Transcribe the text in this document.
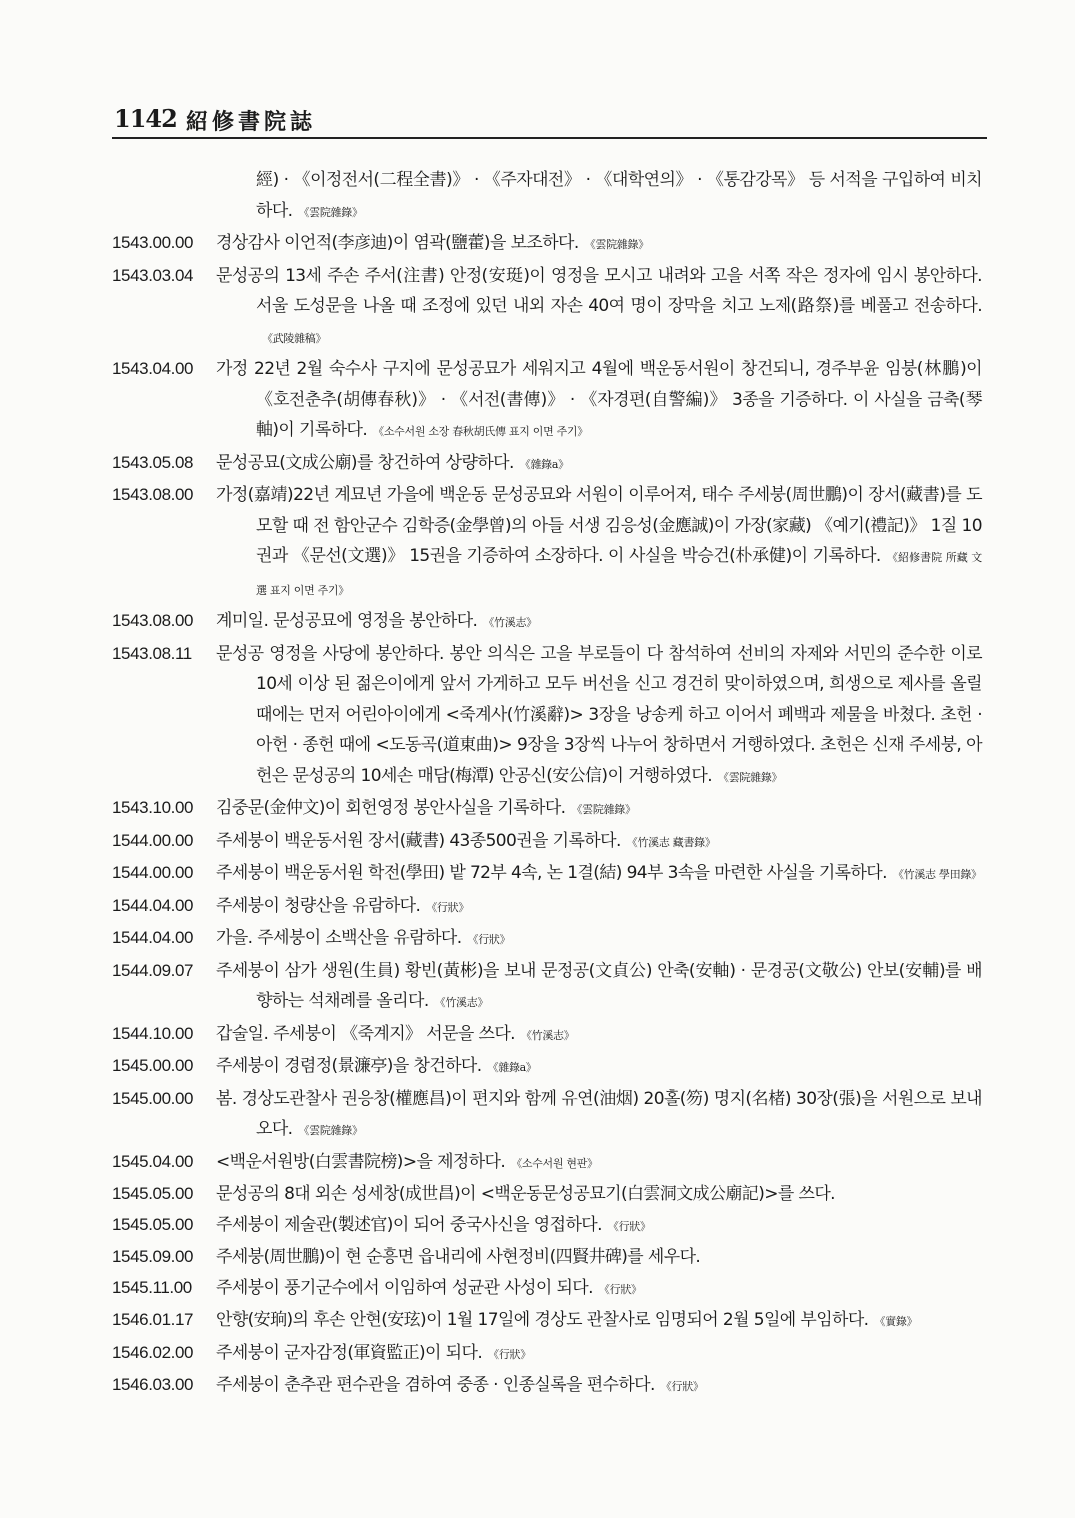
1142 紹修書院誌
經) · 《이정전서(二程全書)》 · 《주자대전》 · 《대학연의》 · 《통감강목》 등 서적을 구입하여 비치하다. 《雲院雜錄》
1543.00.00	경상감사 이언적(李彦迪)이 염곽(鹽藿)을 보조하다. 《雲院雜錄》
1543.03.04	문성공의 13세 주손 주서(注書) 안정(安珽)이 영정을 모시고 내려와 고을 서쪽 작은 정자에 임시 봉안하다. 서울 도성문을 나올 때 조정에 있던 내외 자손 40여 명이 장막을 치고 노제(路祭)를 베풀고 전송하다.《武陵雜稿》
1543.04.00	가정 22년 2월 숙수사 구지에 문성공묘가 세워지고 4월에 백운동서원이 창건되니, 경주부윤 임붕(林鵬)이 《호전춘추(胡傳春秋)》 · 《서전(書傳)》 · 《자경편(自警編)》 3종을 기증하다. 이 사실을 금축(琴軸)이 기록하다. 《소수서원 소장 春秋胡氏傳 표지 이면 주기》
1543.05.08	문성공묘(文成公廟)를 창건하여 상량하다. 《雜錄a》
1543.08.00	가정(嘉靖)22년 계묘년 가을에 백운동 문성공묘와 서원이 이루어져, 태수 주세붕(周世鵬)이 장서(藏書)를 도모할 때 전 함안군수 김학증(金學曾)의 아들 서생 김응성(金應誠)이 가장(家藏) 《예기(禮記)》 1질 10권과 《문선(文選)》 15권을 기증하여 소장하다. 이 사실을 박승건(朴承健)이 기록하다. 《紹修書院 所藏 文選 표지 이면 주기》
1543.08.00	계미일. 문성공묘에 영정을 봉안하다. 《竹溪志》
1543.08.11	문성공 영정을 사당에 봉안하다. 봉안 의식은 고을 부로들이 다 참석하여 선비의 자제와 서민의 준수한 이로 10세 이상 된 젊은이에게 앞서 가게하고 모두 버선을 신고 경건히 맞이하였으며, 희생으로 제사를 올릴 때에는 먼저 어린아이에게 <죽계사(竹溪辭)> 3장을 낭송케 하고 이어서 폐백과 제물을 바쳤다. 초헌 · 아헌 · 종헌 때에 <도동곡(道東曲)> 9장을 3장씩 나누어 창하면서 거행하였다. 초헌은 신재 주세붕, 아헌은 문성공의 10세손 매담(梅潭) 안공신(安公信)이 거행하였다. 《雲院雜錄》
1543.10.00	김중문(金仲文)이 회헌영정 봉안사실을 기록하다. 《雲院雜錄》
1544.00.00	주세붕이 백운동서원 장서(藏書) 43종500권을 기록하다. 《竹溪志 藏書錄》
1544.00.00	주세붕이 백운동서원 학전(學田) 밭 72부 4속, 논 1결(結) 94부 3속을 마련한 사실을 기록하다. 《竹溪志 學田錄》
1544.04.00	주세붕이 청량산을 유람하다. 《行狀》
1544.04.00	가을. 주세붕이 소백산을 유람하다. 《行狀》
1544.09.07	주세붕이 삼가 생원(生員) 황빈(黃彬)을 보내 문정공(文貞公) 안축(安軸) · 문경공(文敬公) 안보(安輔)를 배향하는 석채례를 올리다. 《竹溪志》
1544.10.00	갑술일. 주세붕이 《죽계지》 서문을 쓰다. 《竹溪志》
1545.00.00	주세붕이 경렴정(景濂亭)을 창건하다. 《雜錄a》
1545.00.00	봄. 경상도관찰사 권응창(權應昌)이 편지와 함께 유연(油烟) 20홀(笏) 명지(名楮) 30장(張)을 서원으로 보내오다. 《雲院雜錄》
1545.04.00	<백운서원방(白雲書院榜)>을 제정하다. 《소수서원 현판》
1545.05.00	문성공의 8대 외손 성세창(成世昌)이 <백운동문성공묘기(白雲洞文成公廟記)>를 쓰다.
1545.05.00	주세붕이 제술관(製述官)이 되어 중국사신을 영접하다. 《行狀》
1545.09.00	주세붕(周世鵬)이 현 순흥면 읍내리에 사현정비(四賢井碑)를 세우다.
1545.11.00	주세붕이 풍기군수에서 이임하여 성균관 사성이 되다. 《行狀》
1546.01.17	안향(安珦)의 후손 안현(安玹)이 1월 17일에 경상도 관찰사로 임명되어 2월 5일에 부임하다. 《實錄》
1546.02.00	주세붕이 군자감정(軍資監正)이 되다. 《行狀》
1546.03.00	주세붕이 춘추관 편수관을 겸하여 중종 · 인종실록을 편수하다. 《行狀》
